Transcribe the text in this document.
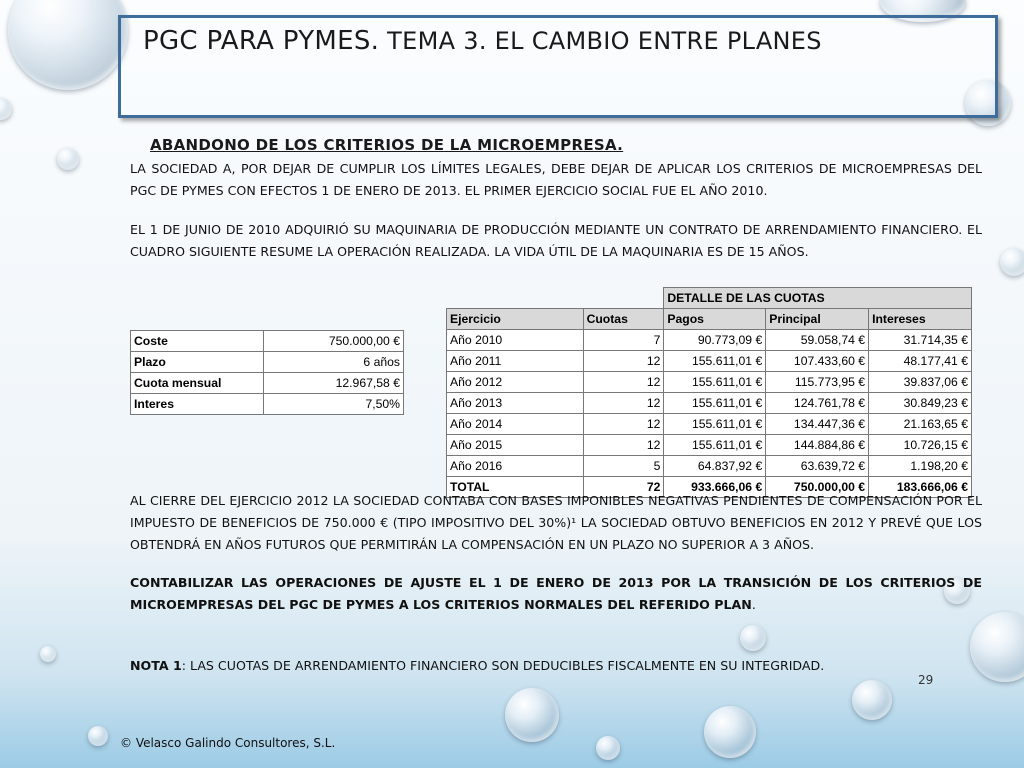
PGC PARA PYMES. TEMA 3. EL CAMBIO ENTRE PLANES
ABANDONO DE LOS CRITERIOS DE LA MICROEMPRESA.

LA SOCIEDAD A, POR DEJAR DE CUMPLIR LOS LÍMITES LEGALES, DEBE DEJAR DE APLICAR LOS CRITERIOS DE MICROEMPRESAS DEL PGC DE PYMES CON EFECTOS 1 DE ENERO DE 2013. EL PRIMER EJERCICIO SOCIAL FUE EL AÑO 2010.

EL 1 DE JUNIO DE 2010 ADQUIRIÓ SU MAQUINARIA DE PRODUCCIÓN MEDIANTE UN CONTRATO DE ARRENDAMIENTO FINANCIERO. EL CUADRO SIGUIENTE RESUME LA OPERACIÓN REALIZADA. LA VIDA ÚTIL DE LA MAQUINARIA ES DE 15 AÑOS.

Coste	750.000,00 €
Plazo	6 años
Cuota mensual	12.967,58 €
Interes	7,50%
		DETALLE DE LAS CUOTAS		
Ejercicio	Cuotas	Pagos	Principal	Intereses
Año 2010	7	90.773,09 €	59.058,74 €	31.714,35 €
Año 2011	12	155.611,01 €	107.433,60 €	48.177,41 €
Año 2012	12	155.611,01 €	115.773,95 €	39.837,06 €
Año 2013	12	155.611,01 €	124.761,78 €	30.849,23 €
Año 2014	12	155.611,01 €	134.447,36 €	21.163,65 €
Año 2015	12	155.611,01 €	144.884,86 €	10.726,15 €
Año 2016	5	64.837,92 €	63.639,72 €	1.198,20 €
TOTAL	72	933.666,06 €	750.000,00 €	183.666,06 €

AL CIERRE DEL EJERCICIO 2012 LA SOCIEDAD CONTABA CON BASES IMPONIBLES NEGATIVAS PENDIENTES DE COMPENSACIÓN POR EL IMPUESTO DE BENEFICIOS DE 750.000 € (TIPO IMPOSITIVO DEL 30%)¹ LA SOCIEDAD OBTUVO BENEFICIOS EN 2012 Y PREVÉ QUE LOS OBTENDRÁ EN AÑOS FUTUROS QUE PERMITIRÁN LA COMPENSACIÓN EN UN PLAZO NO SUPERIOR A 3 AÑOS.

CONTABILIZAR LAS OPERACIONES DE AJUSTE EL 1 DE ENERO DE 2013 POR LA TRANSICIÓN DE LOS CRITERIOS DE MICROEMPRESAS DEL PGC DE PYMES A LOS CRITERIOS NORMALES DEL REFERIDO PLAN.

NOTA 1: LAS CUOTAS DE ARRENDAMIENTO FINANCIERO SON DEDUCIBLES FISCALMENTE EN SU INTEGRIDAD.

29
© Velasco Galindo Consultores, S.L.
